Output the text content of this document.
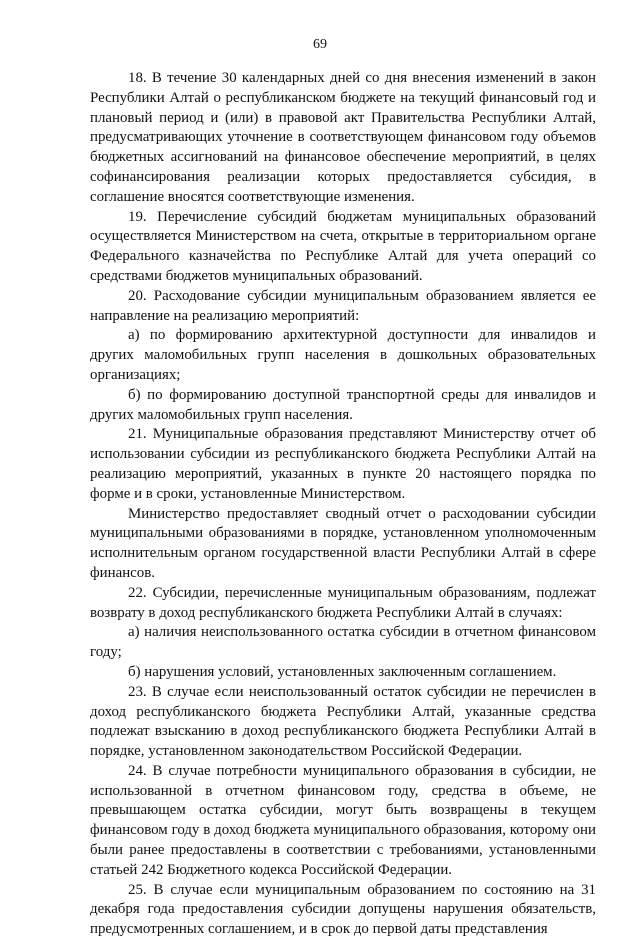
69

18. В течение 30 календарных дней со дня внесения изменений в закон Республики Алтай о республиканском бюджете на текущий финансовый год и плановый период и (или) в правовой акт Правительства Республики Алтай, предусматривающих уточнение в соответствующем финансовом году объемов бюджетных ассигнований на финансовое обеспечение мероприятий, в целях софинансирования реализации которых предоставляется субсидия, в соглашение вносятся соответствующие изменения.

19. Перечисление субсидий бюджетам муниципальных образований осуществляется Министерством на счета, открытые в территориальном органе Федерального казначейства по Республике Алтай для учета операций со средствами бюджетов муниципальных образований.

20. Расходование субсидии муниципальным образованием является ее направление на реализацию мероприятий:

а) по формированию архитектурной доступности для инвалидов и других маломобильных групп населения в дошкольных образовательных организациях;

б) по формированию доступной транспортной среды для инвалидов и других маломобильных групп населения.

21. Муниципальные образования представляют Министерству отчет об использовании субсидии из республиканского бюджета Республики Алтай на реализацию мероприятий, указанных в пункте 20 настоящего порядка по форме и в сроки, установленные Министерством.

Министерство предоставляет сводный отчет о расходовании субсидии муниципальными образованиями в порядке, установленном уполномоченным исполнительным органом государственной власти Республики Алтай в сфере финансов.

22. Субсидии, перечисленные муниципальным образованиям, подлежат возврату в доход республиканского бюджета Республики Алтай в случаях:

а) наличия неиспользованного остатка субсидии в отчетном финансовом году;

б) нарушения условий, установленных заключенным соглашением.

23. В случае если неиспользованный остаток субсидии не перечислен в доход республиканского бюджета Республики Алтай, указанные средства подлежат взысканию в доход республиканского бюджета Республики Алтай в порядке, установленном законодательством Российской Федерации.

24. В случае потребности муниципального образования в субсидии, не использованной в отчетном финансовом году, средства в объеме, не превышающем остатка субсидии, могут быть возвращены в текущем финансовом году в доход бюджета муниципального образования, которому они были ранее предоставлены в соответствии с требованиями, установленными статьей 242 Бюджетного кодекса Российской Федерации.

25. В случае если муниципальным образованием по состоянию на 31 декабря года предоставления субсидии допущены нарушения обязательств, предусмотренных соглашением, и в срок до первой даты представления
